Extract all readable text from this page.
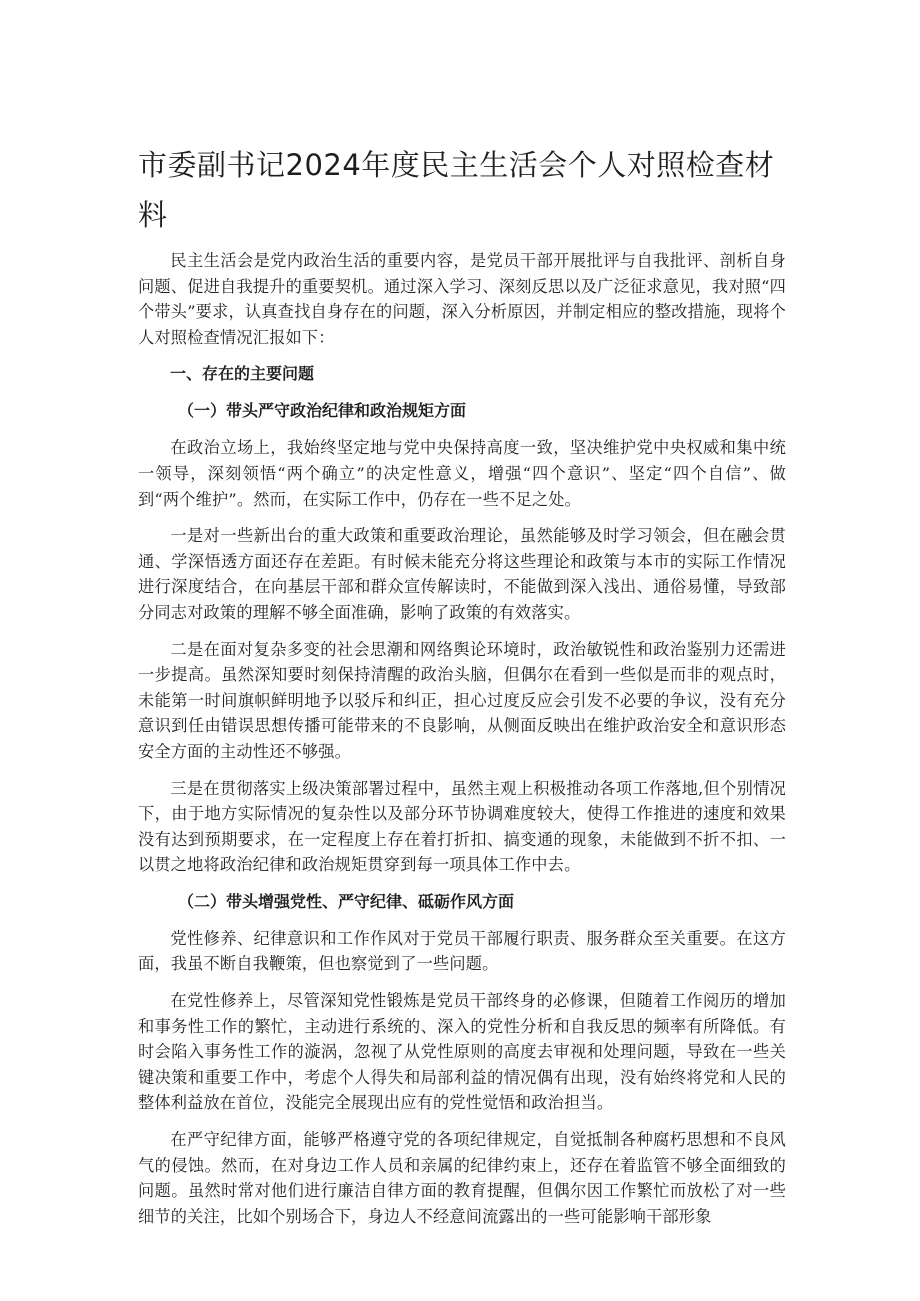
市委副书记2024年度民主生活会个人对照检查材料

民主生活会是党内政治生活的重要内容，是党员干部开展批评与自我批评、剖析自身问题、促进自我提升的重要契机。通过深入学习、深刻反思以及广泛征求意见，我对照“四个带头”要求，认真查找自身存在的问题，深入分析原因，并制定相应的整改措施，现将个人对照检查情况汇报如下：

一、存在的主要问题
（一）带头严守政治纪律和政治规矩方面

在政治立场上，我始终坚定地与党中央保持高度一致，坚决维护党中央权威和集中统一领导，深刻领悟“两个确立”的决定性意义，增强“四个意识”、坚定“四个自信”、做到“两个维护”。然而，在实际工作中，仍存在一些不足之处。

一是对一些新出台的重大政策和重要政治理论，虽然能够及时学习领会，但在融会贯通、学深悟透方面还存在差距。有时候未能充分将这些理论和政策与本市的实际工作情况进行深度结合，在向基层干部和群众宣传解读时，不能做到深入浅出、通俗易懂，导致部分同志对政策的理解不够全面准确，影响了政策的有效落实。

二是在面对复杂多变的社会思潮和网络舆论环境时，政治敏锐性和政治鉴别力还需进一步提高。虽然深知要时刻保持清醒的政治头脑，但偶尔在看到一些似是而非的观点时，未能第一时间旗帜鲜明地予以驳斥和纠正，担心过度反应会引发不必要的争议，没有充分意识到任由错误思想传播可能带来的不良影响，从侧面反映出在维护政治安全和意识形态安全方面的主动性还不够强。

三是在贯彻落实上级决策部署过程中，虽然主观上积极推动各项工作落地,但个别情况下，由于地方实际情况的复杂性以及部分环节协调难度较大，使得工作推进的速度和效果没有达到预期要求，在一定程度上存在着打折扣、搞变通的现象，未能做到不折不扣、一以贯之地将政治纪律和政治规矩贯穿到每一项具体工作中去。

（二）带头增强党性、严守纪律、砥砺作风方面

党性修养、纪律意识和工作作风对于党员干部履行职责、服务群众至关重要。在这方面，我虽不断自我鞭策，但也察觉到了一些问题。

在党性修养上，尽管深知党性锻炼是党员干部终身的必修课，但随着工作阅历的增加和事务性工作的繁忙，主动进行系统的、深入的党性分析和自我反思的频率有所降低。有时会陷入事务性工作的漩涡，忽视了从党性原则的高度去审视和处理问题，导致在一些关键决策和重要工作中，考虑个人得失和局部利益的情况偶有出现，没有始终将党和人民的整体利益放在首位，没能完全展现出应有的党性觉悟和政治担当。

在严守纪律方面，能够严格遵守党的各项纪律规定，自觉抵制各种腐朽思想和不良风气的侵蚀。然而，在对身边工作人员和亲属的纪律约束上，还存在着监管不够全面细致的问题。虽然时常对他们进行廉洁自律方面的教育提醒，但偶尔因工作繁忙而放松了对一些细节的关注，比如个别场合下，身边人不经意间流露出的一些可能影响干部形象
